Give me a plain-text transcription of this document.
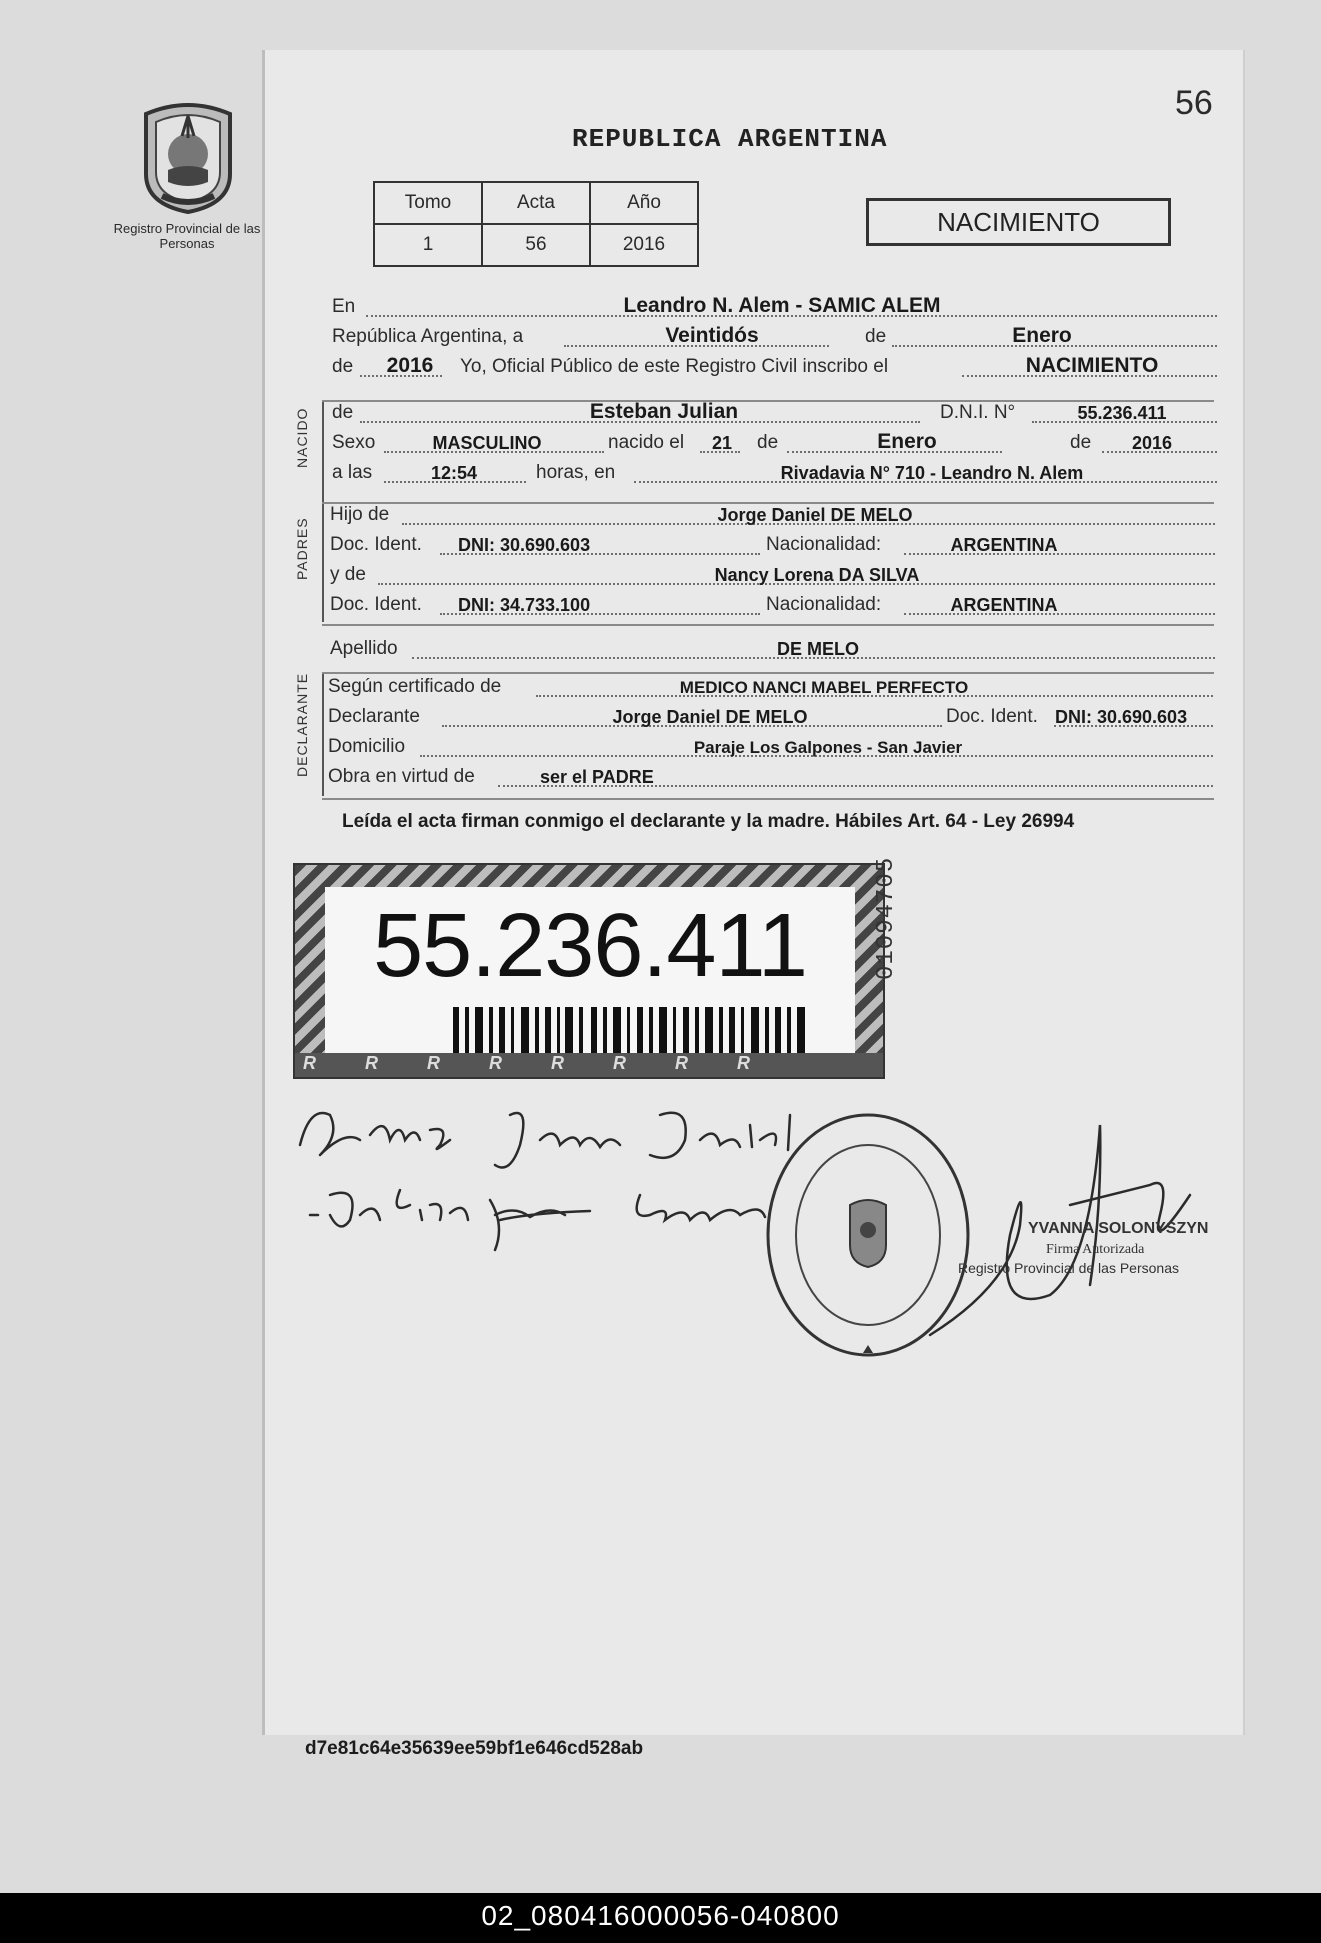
Registro Provincial de las Personas
56
REPUBLICA ARGENTINA
Tomo	Acta	Año
1	56	2016
NACIMIENTO
En	Leandro N. Alem - SAMIC ALEM
República Argentina, a	Veintidós	de	Enero
de 2016 Yo, Oficial Público de este Registro Civil inscribo el	NACIMIENTO
NACIDO de	Esteban Julian	D.N.I. N°	55.236.411
Sexo	MASCULINO	nacido el 21 de	Enero	de 2016
a las	12:54	horas, en	Rivadavia N° 710 - Leandro N. Alem
PADRES
Hijo de	Jorge Daniel DE MELO
Doc. Ident. DNI: 30.690.603	Nacionalidad:	ARGENTINA
y de	Nancy Lorena DA SILVA
Doc. Ident. DNI: 34.733.100	Nacionalidad:	ARGENTINA
Apellido	DE MELO
DECLARANTE Según certificado de	MEDICO NANCI MABEL PERFECTO
Declarante	Jorge Daniel DE MELO	Doc. Ident. DNI: 30.690.603
Domicilio	Paraje Los Galpones - San Javier
Obra en virtud de	ser el PADRE
Leída el acta firman conmigo el declarante y la madre. Hábiles Art. 64 - Ley 26994
55.236.411
R R R R R R R R
01094705
YVANNA SOLONYSZYN
Firma Autorizada
Registro Provincial de las Personas
d7e81c64e35639ee59bf1e646cd528ab
02_080416000056-040800
